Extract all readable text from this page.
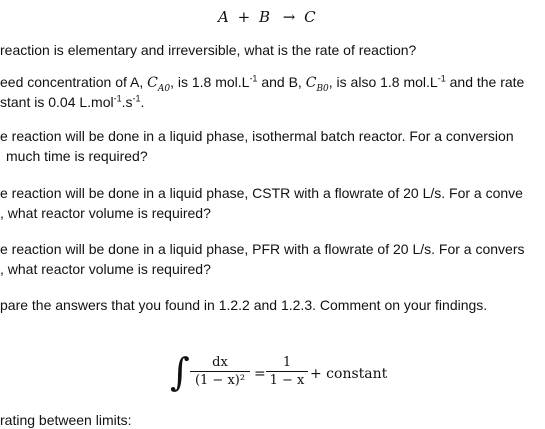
A + B → C
reaction is elementary and irreversible, what is the rate of reaction?
eed concentration of A, $C_{A0}$, is 1.8 $mol.L^{-1}$ and B, $C_{B0}$, is also 1.8 $mol.L^{-1}$ and the rate
stant is 0.04 $L.mol^{-1}.s^{-1}$.
e reaction will be done in a liquid phase, isothermal batch reactor. For a conversion
much time is required?
e reaction will be done in a liquid phase, CSTR with a flowrate of 20 L/s. For a conve
, what reactor volume is required?
e reaction will be done in a liquid phase, PFR with a flowrate of 20 L/s. For a convers
, what reactor volume is required?
pare the answers that you found in 1.2.2 and 1.2.3. Comment on your findings.
∫	dx
(1 − x)² =
1
1 − x + constant
rating between limits:
